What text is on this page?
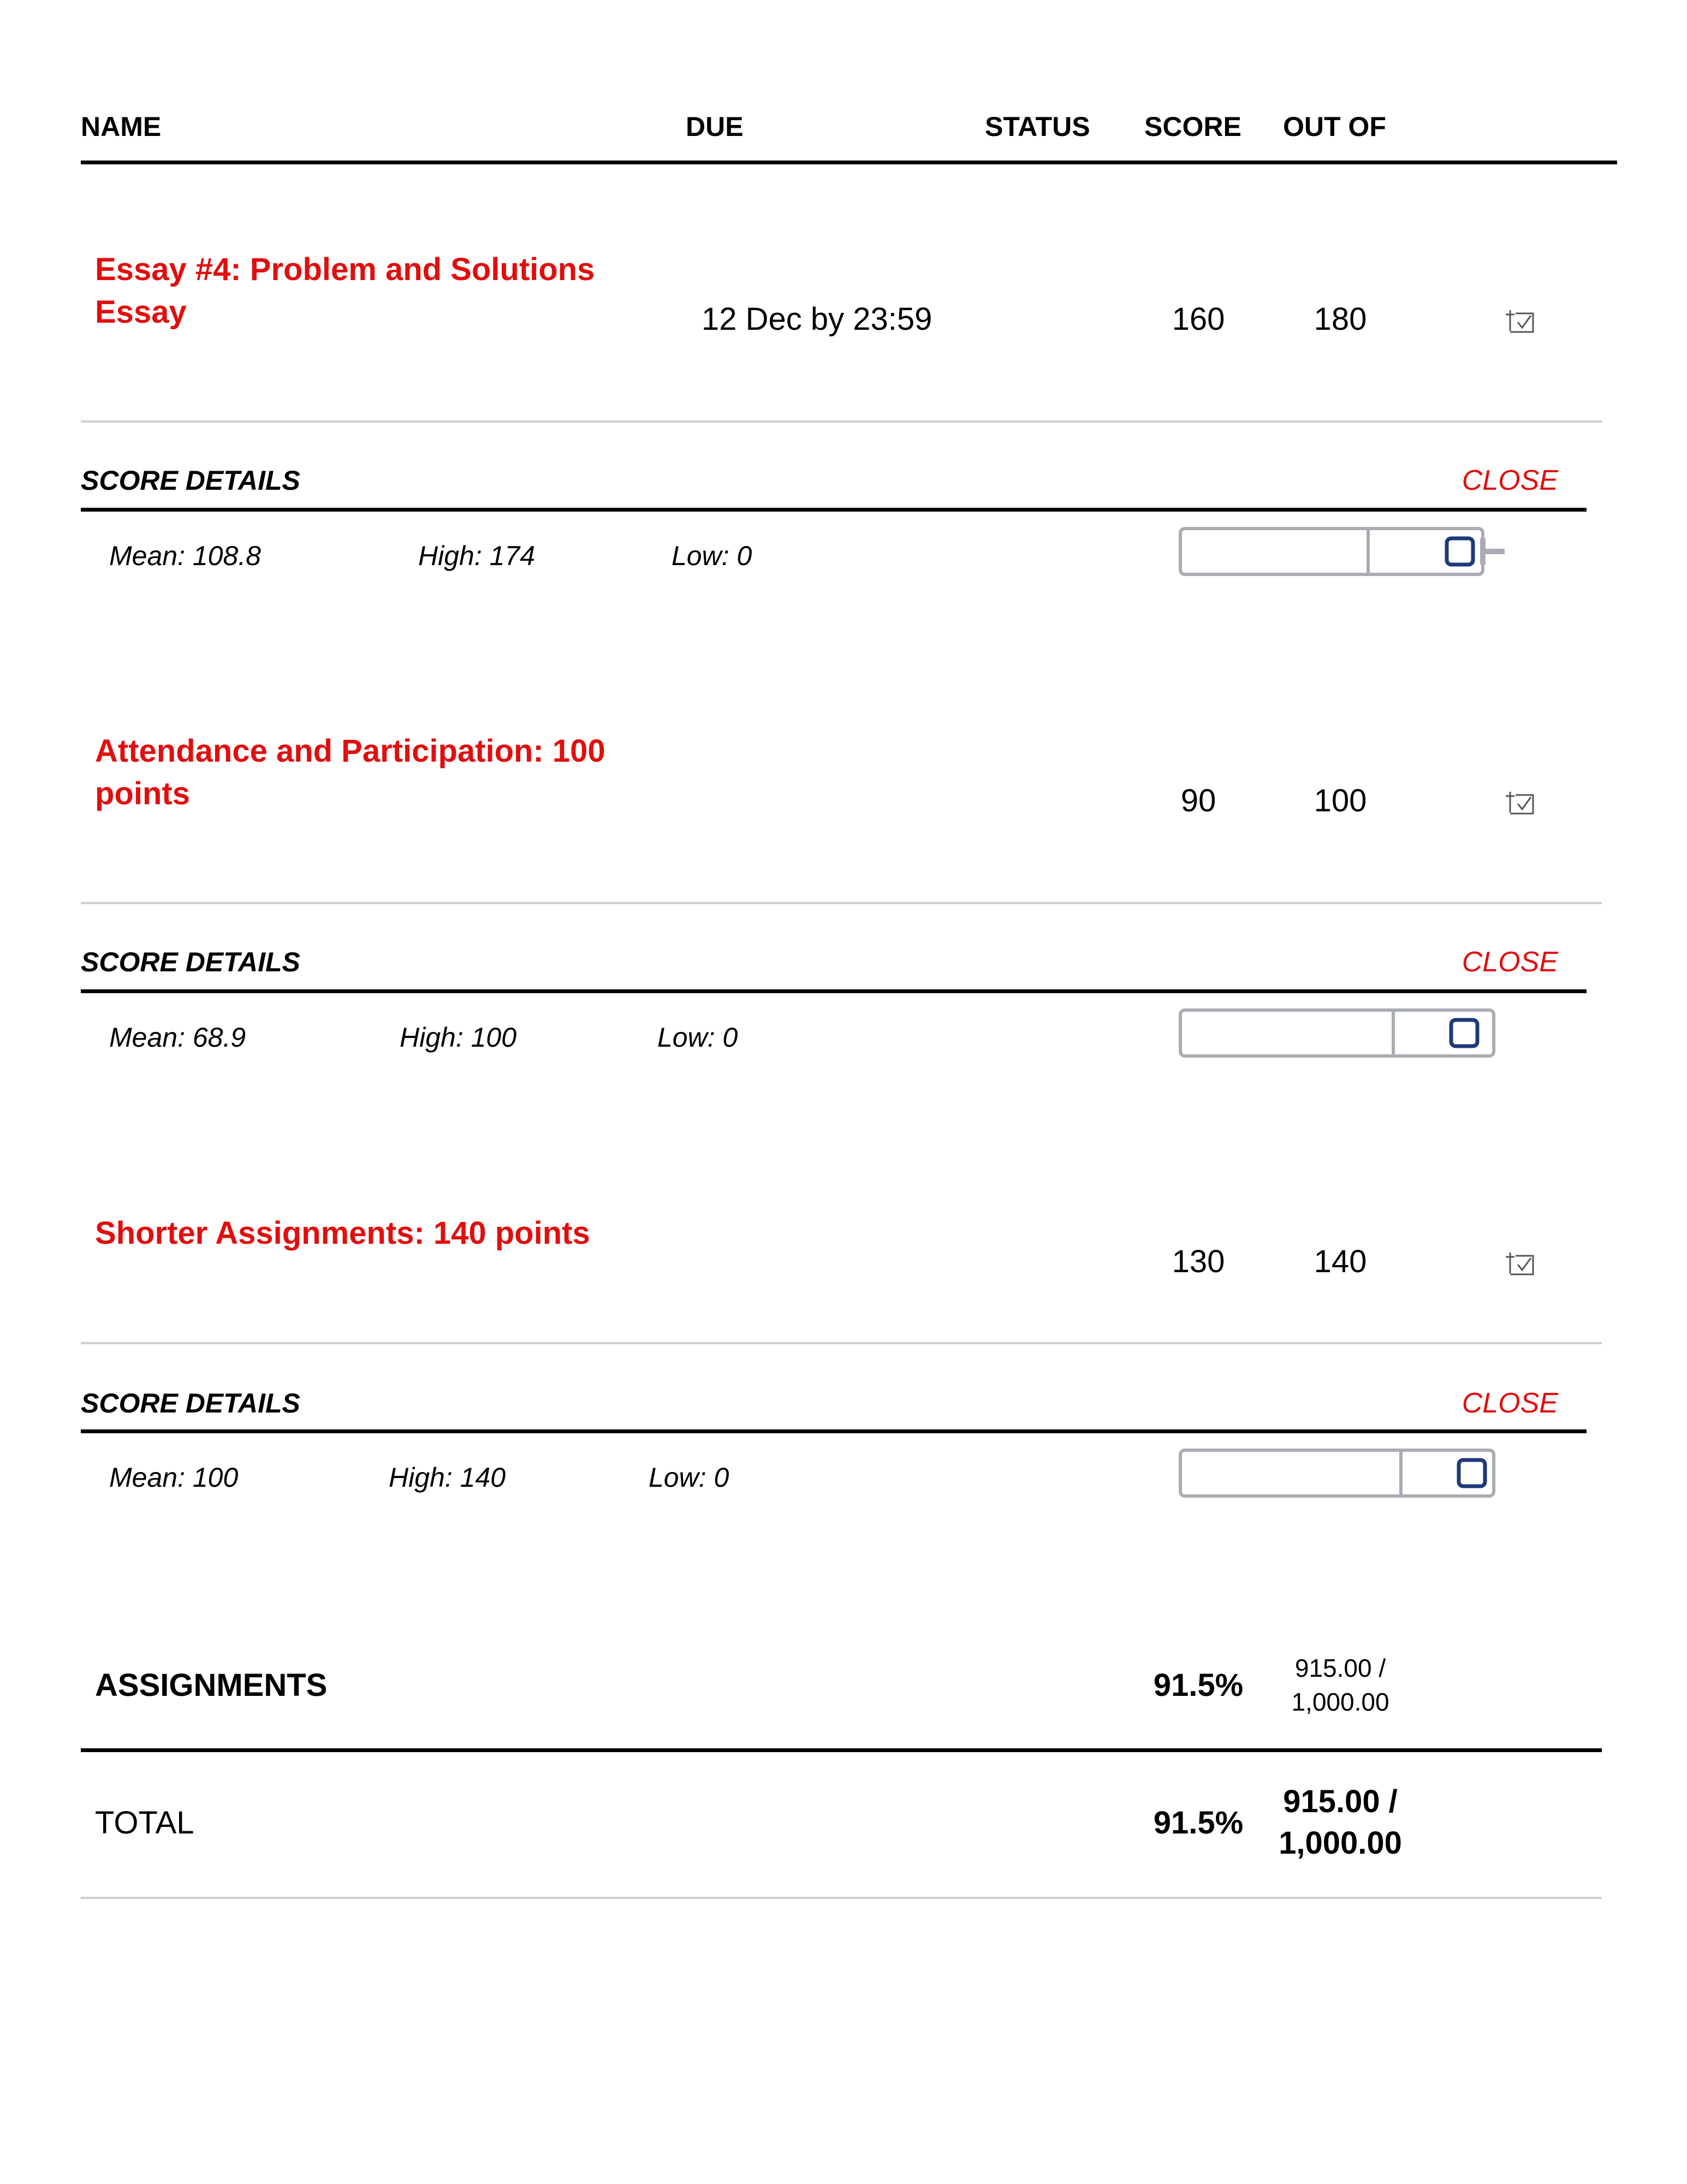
NAME	DUE	STATUS SCORE OUT OF
Essay #4: Problem and Solutions
Essay	12 Dec by 23:59	160	180
SCORE DETAILS	CLOSE
Mean: 108.8	High: 174	Low: 0
Attendance and Participation: 100
points	90	100
SCORE DETAILS	CLOSE
Mean: 68.9	High: 100	Low: 0
Shorter Assignments: 140 points
130	140
SCORE DETAILS	CLOSE
Mean: 100	High: 140	Low: 0
ASSIGNMENTS	91.5%	915.00 /
1,000.00
TOTAL	91.5%
915.00 /
1,000.00
